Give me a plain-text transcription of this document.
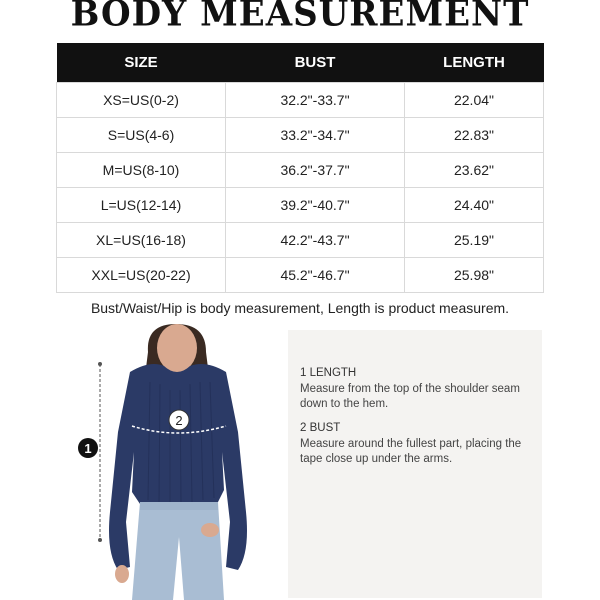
BODY MEASUREMENT
SIZE	BUST	LENGTH
XS=US(0-2)	32.2"-33.7"	22.04"
S=US(4-6)	33.2"-34.7"	22.83"
M=US(8-10)	36.2"-37.7"	23.62"
L=US(12-14)	39.2"-40.7"	24.40"
XL=US(16-18)	42.2"-43.7"	25.19"
XXL=US(20-22)	45.2"-46.7"	25.98"
Bust/Waist/Hip is body measurement, Length is product measurem.
1
2
1 LENGTH
Measure from the top of the shoulder seam down to the hem.
2 BUST
Measure around the fullest part, placing the tape close up under the arms.
